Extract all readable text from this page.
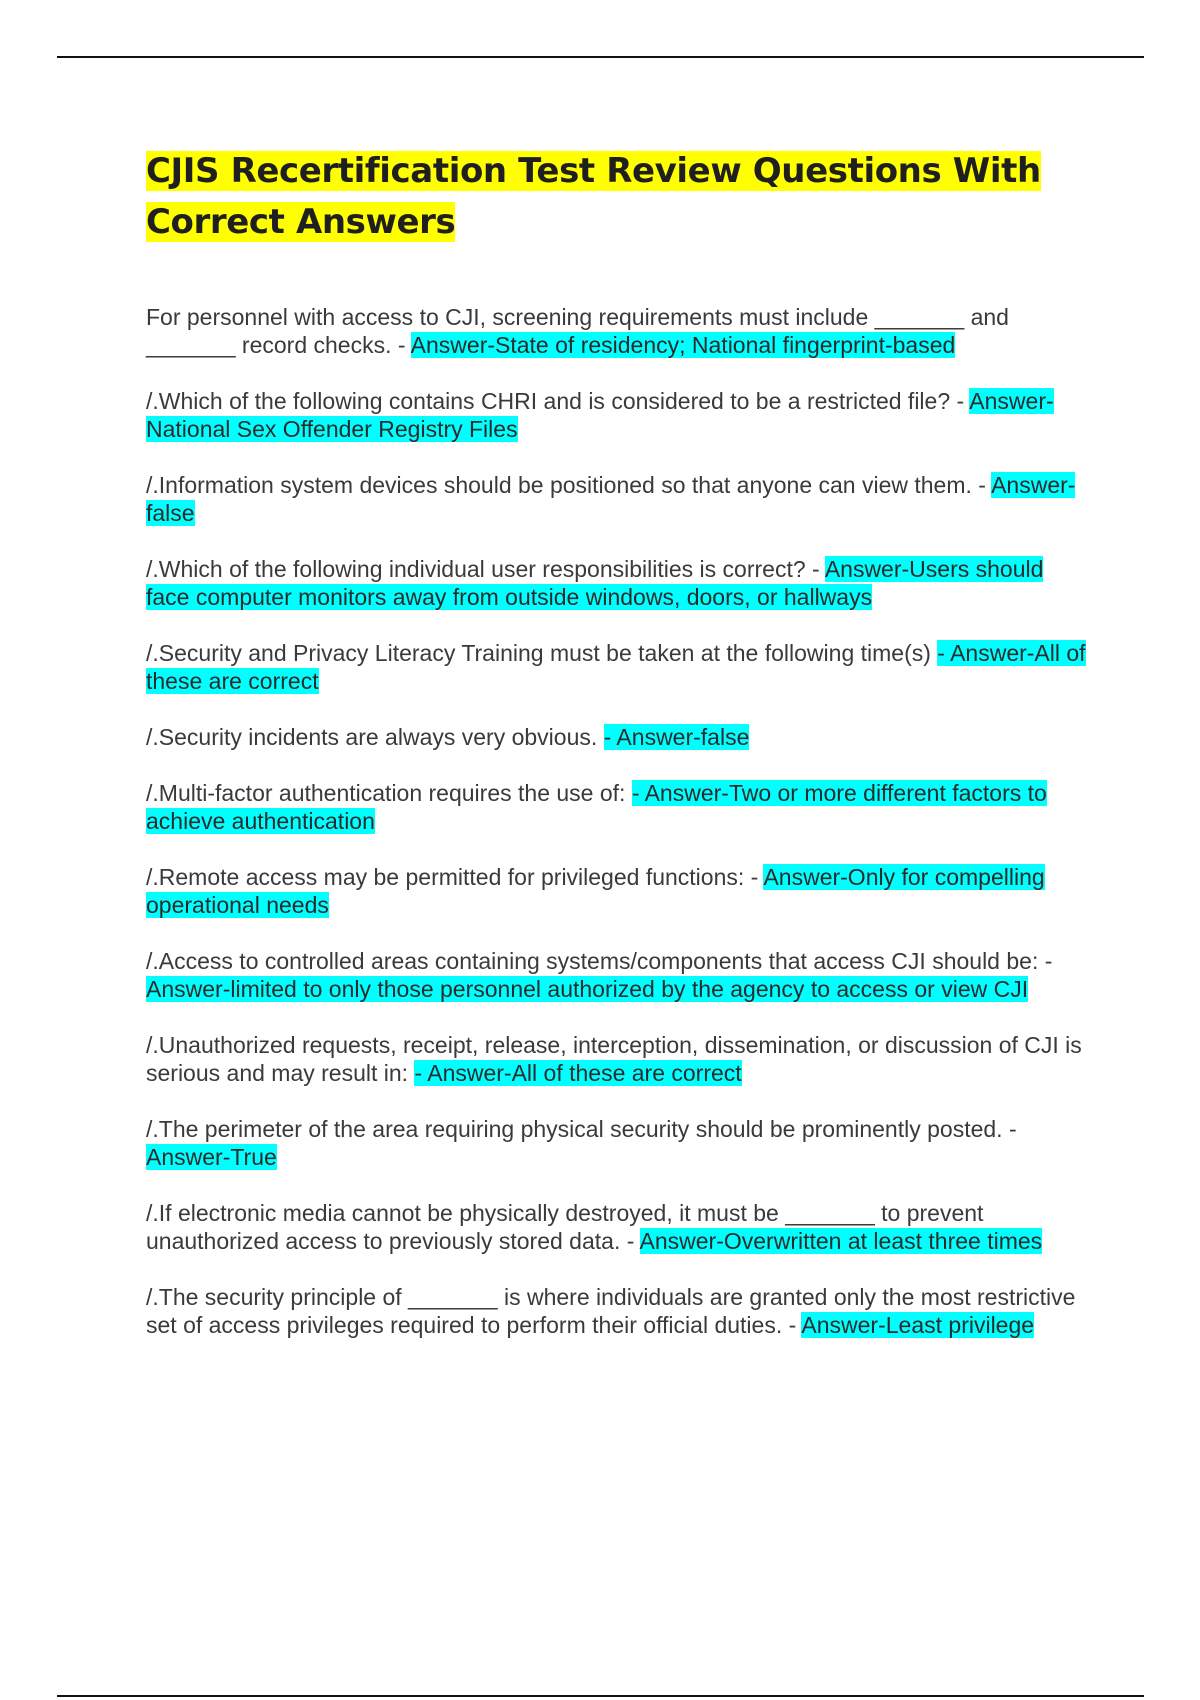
CJIS Recertification Test Review Questions With Correct Answers

For personnel with access to CJI, screening requirements must include _______ and _______ record checks. - Answer-State of residency; National fingerprint-based

/.Which of the following contains CHRI and is considered to be a restricted file? - Answer-National Sex Offender Registry Files

/.Information system devices should be positioned so that anyone can view them. - Answer-false

/.Which of the following individual user responsibilities is correct? - Answer-Users should face computer monitors away from outside windows, doors, or hallways

/.Security and Privacy Literacy Training must be taken at the following time(s) - Answer-All of these are correct

/.Security incidents are always very obvious. - Answer-false

/.Multi-factor authentication requires the use of: - Answer-Two or more different factors to achieve authentication

/.Remote access may be permitted for privileged functions: - Answer-Only for compelling operational needs

/.Access to controlled areas containing systems/components that access CJI should be: - Answer-limited to only those personnel authorized by the agency to access or view CJI

/.Unauthorized requests, receipt, release, interception, dissemination, or discussion of CJI is serious and may result in: - Answer-All of these are correct

/.The perimeter of the area requiring physical security should be prominently posted. - Answer-True

/.If electronic media cannot be physically destroyed, it must be _______ to prevent unauthorized access to previously stored data. - Answer-Overwritten at least three times

/.The security principle of _______ is where individuals are granted only the most restrictive set of access privileges required to perform their official duties. - Answer-Least privilege
